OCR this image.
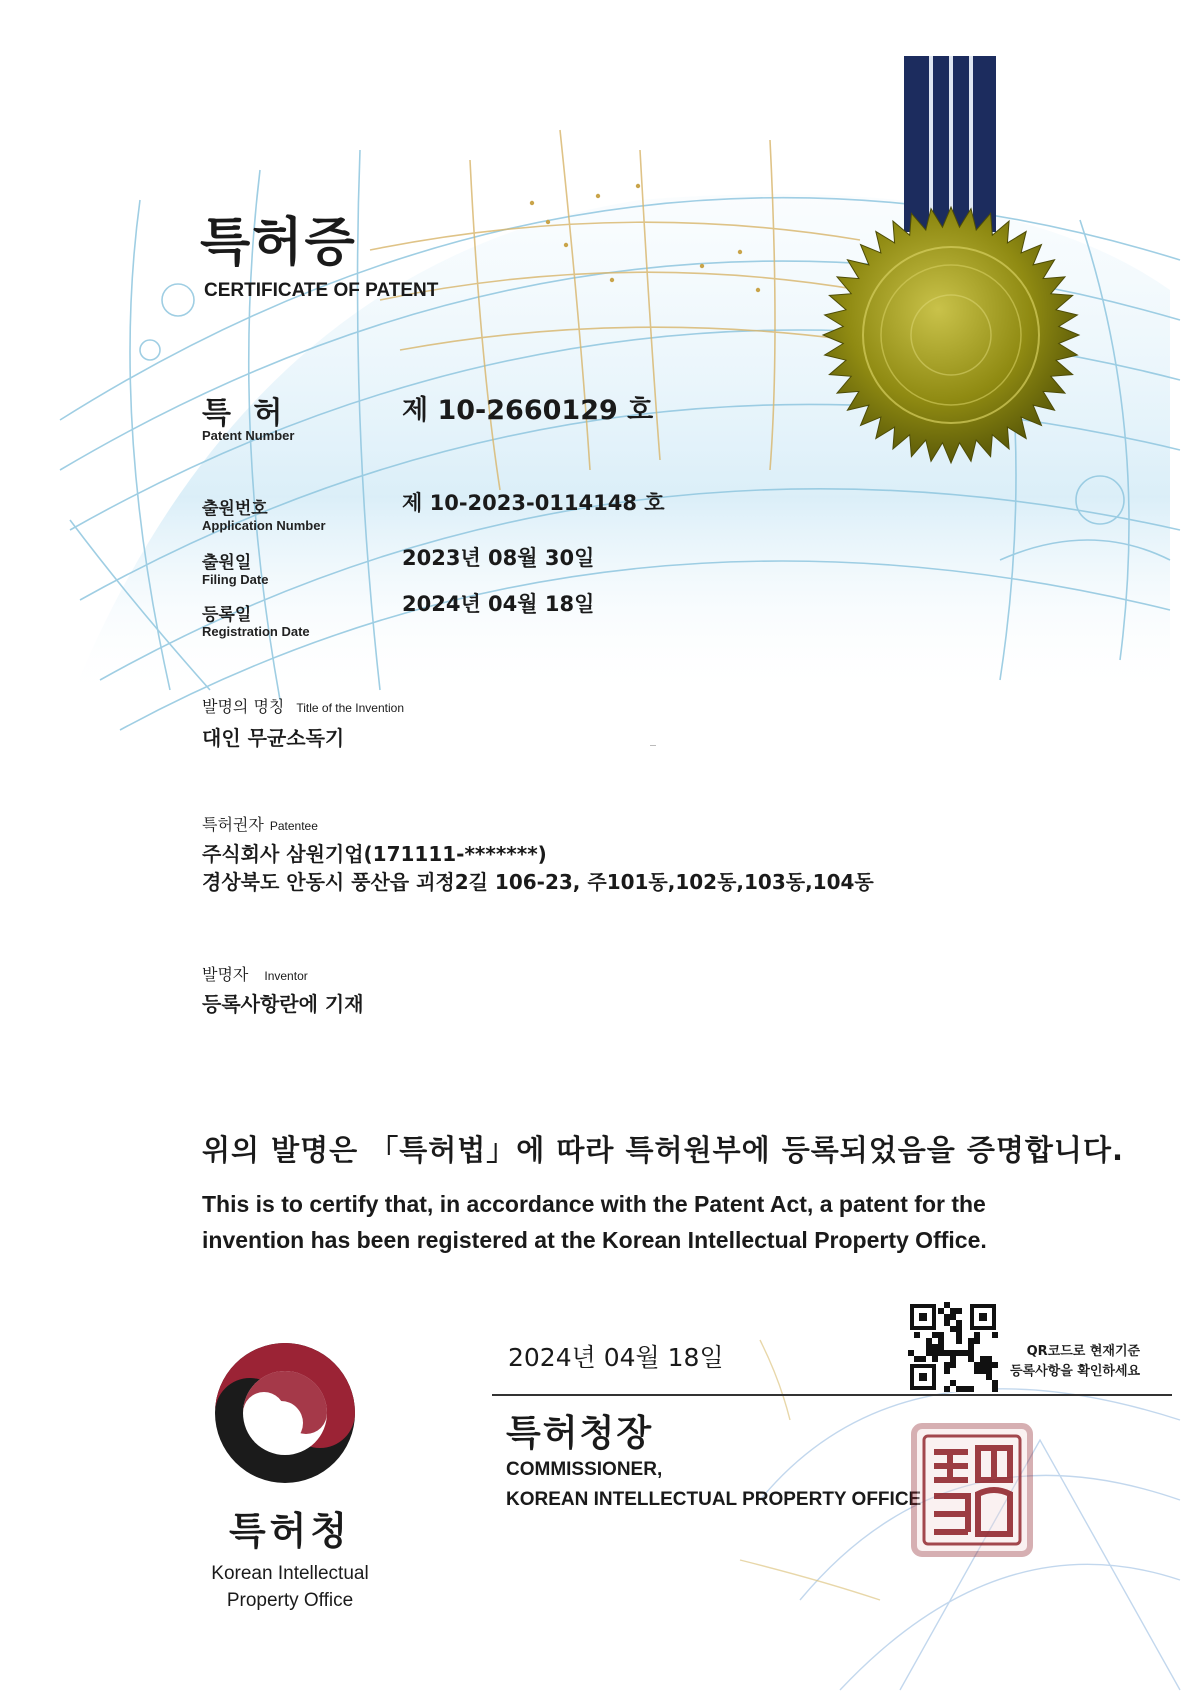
특허증
CERTIFICATE OF PATENT
특 허
Patent Number
제 10-2660129 호
출원번호
Application Number
제 10-2023-0114148 호
출원일
Filing Date
2023년 08월 30일
등록일
Registration Date
2024년 04월 18일
발명의 명칭 Title of the Invention
대인 무균소독기
특허권자 Patentee
주식회사 삼원기업(171111-*******)
경상북도 안동시 풍산읍 괴정2길 106-23, 주101동,102동,103동,104동
발명자 Inventor
등록사항란에 기재
위의 발명은 「특허법」에 따라 특허원부에 등록되었음을 증명합니다.
This is to certify that, in accordance with the Patent Act, a patent for the
invention has been registered at the Korean Intellectual Property Office.
2024년 04월 18일	QR코드로 현재기준
등록사항을 확인하세요
특허청장
COMMISSIONER,
KOREAN INTELLECTUAL PROPERTY OFFICE
특허청
Korean Intellectual
Property Office
